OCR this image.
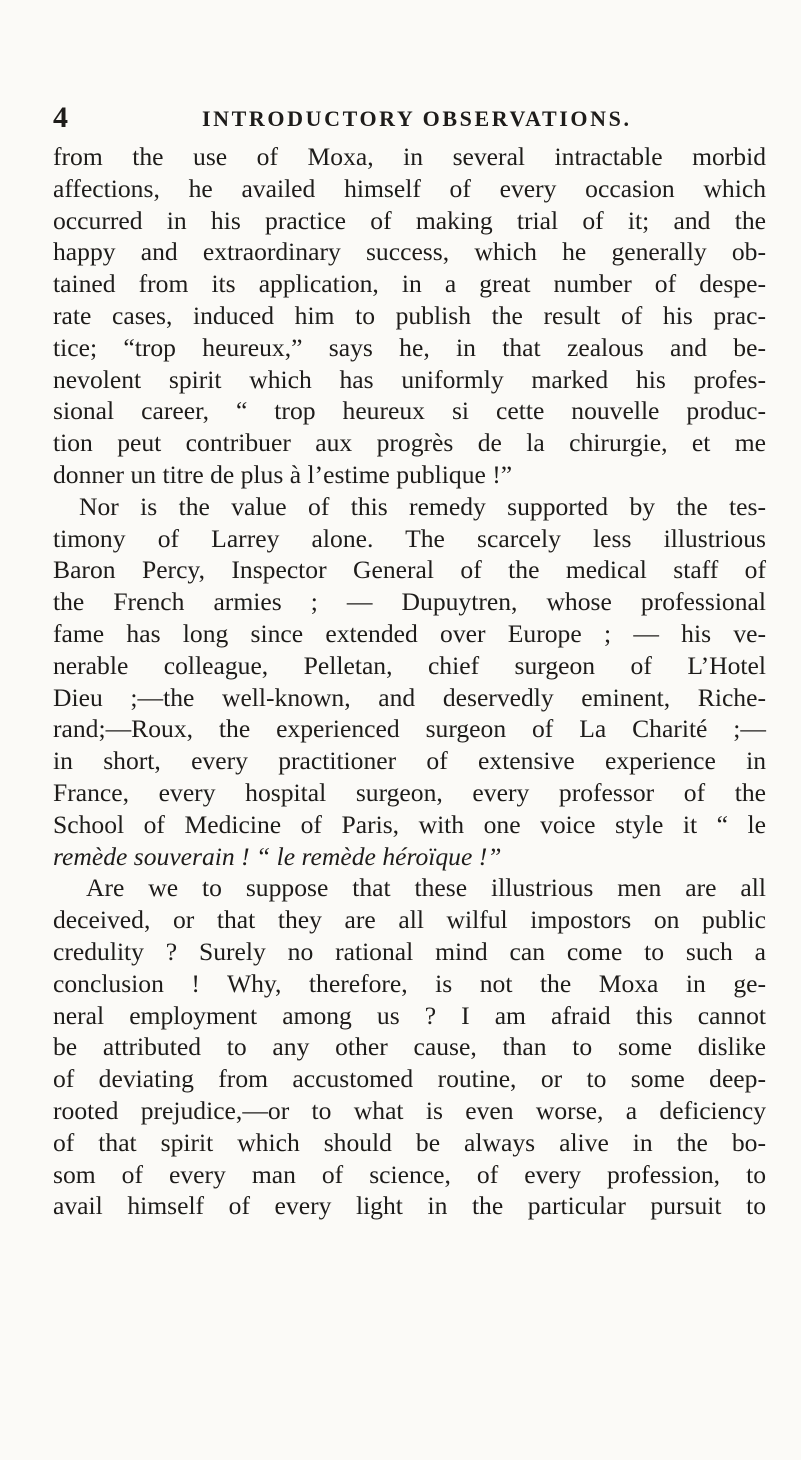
4	INTRODUCTORY OBSERVATIONS.
from the use of Moxa, in several intractable morbid
affections, he availed himself of every occasion which
occurred in his practice of making trial of it; and the
happy and extraordinary success, which he generally ob-
tained from its application, in a great number of despe-
rate cases, induced him to publish the result of his prac-
tice; “trop heureux,” says he, in that zealous and be-
nevolent spirit which has uniformly marked his profes-
sional career, “ trop heureux si cette nouvelle produc-
tion peut contribuer aux progrès de la chirurgie, et me
donner un titre de plus à l’estime publique !”
Nor is the value of this remedy supported by the tes-
timony of Larrey alone. The scarcely less illustrious
Baron Percy, Inspector General of the medical staff of
the French armies ; — Dupuytren, whose professional
fame has long since extended over Europe ; — his ve-
nerable colleague, Pelletan, chief surgeon of L’Hotel
Dieu ;—the well-known, and deservedly eminent, Riche-
rand;—Roux, the experienced surgeon of La Charité ;—
in short, every practitioner of extensive experience in
France, every hospital surgeon, every professor of the
School of Medicine of Paris, with one voice style it “ le
remède souverain ! “ le remède héroïque !”
Are we to suppose that these illustrious men are all
deceived, or that they are all wilful impostors on public
credulity ? Surely no rational mind can come to such a
conclusion ! Why, therefore, is not the Moxa in ge-
neral employment among us ? I am afraid this cannot
be attributed to any other cause, than to some dislike
of deviating from accustomed routine, or to some deep-
rooted prejudice,—or to what is even worse, a deficiency
of that spirit which should be always alive in the bo-
som of every man of science, of every profession, to
avail himself of every light in the particular pursuit to
